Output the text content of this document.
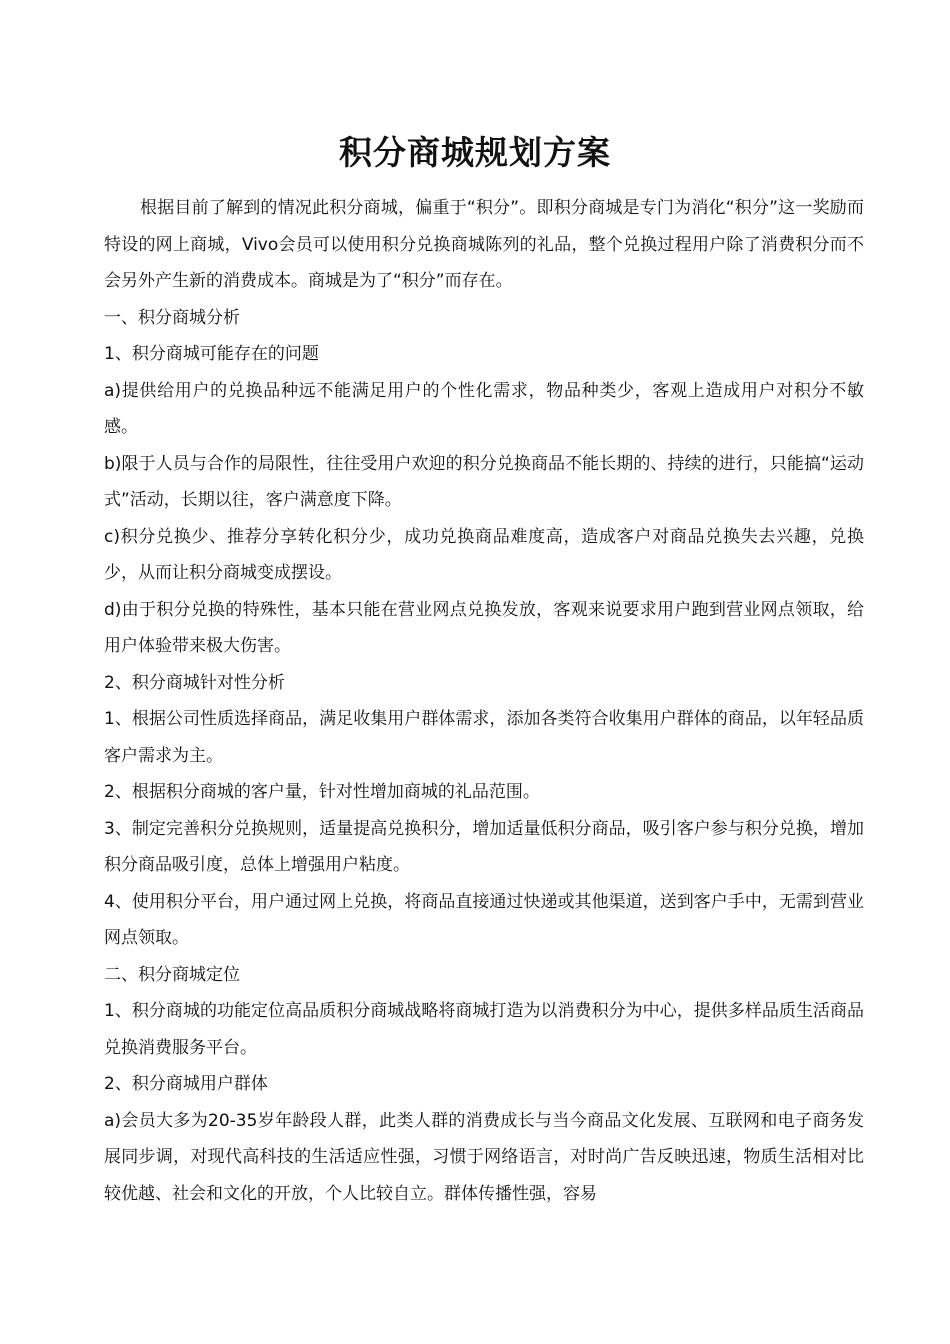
积分商城规划方案

根据目前了解到的情况此积分商城，偏重于“积分”。即积分商城是专门为消化“积分”这一奖励而特设的网上商城，Vivo会员可以使用积分兑换商城陈列的礼品，整个兑换过程用户除了消费积分而不会另外产生新的消费成本。商城是为了“积分”而存在。

一、积分商城分析

1、积分商城可能存在的问题

a)提供给用户的兑换品种远不能满足用户的个性化需求，物品种类少，客观上造成用户对积分不敏感。

b)限于人员与合作的局限性，往往受用户欢迎的积分兑换商品不能长期的、持续的进行，只能搞“运动式”活动，长期以往，客户满意度下降。

c)积分兑换少、推荐分享转化积分少，成功兑换商品难度高，造成客户对商品兑换失去兴趣，兑换少，从而让积分商城变成摆设。

d)由于积分兑换的特殊性，基本只能在营业网点兑换发放，客观来说要求用户跑到营业网点领取，给用户体验带来极大伤害。

2、积分商城针对性分析

1、根据公司性质选择商品，满足收集用户群体需求，添加各类符合收集用户群体的商品，以年轻品质客户需求为主。

2、根据积分商城的客户量，针对性增加商城的礼品范围。

3、制定完善积分兑换规则，适量提高兑换积分，增加适量低积分商品，吸引客户参与积分兑换，增加积分商品吸引度，总体上增强用户粘度。

4、使用积分平台，用户通过网上兑换，将商品直接通过快递或其他渠道，送到客户手中，无需到营业网点领取。

二、积分商城定位

1、积分商城的功能定位高品质积分商城战略将商城打造为以消费积分为中心，提供多样品质生活商品兑换消费服务平台。

2、积分商城用户群体

a)会员大多为20-35岁年龄段人群，此类人群的消费成长与当今商品文化发展、互联网和电子商务发展同步调，对现代高科技的生活适应性强，习惯于网络语言，对时尚广告反映迅速，物质生活相对比较优越、社会和文化的开放，个人比较自立。群体传播性强，容易
